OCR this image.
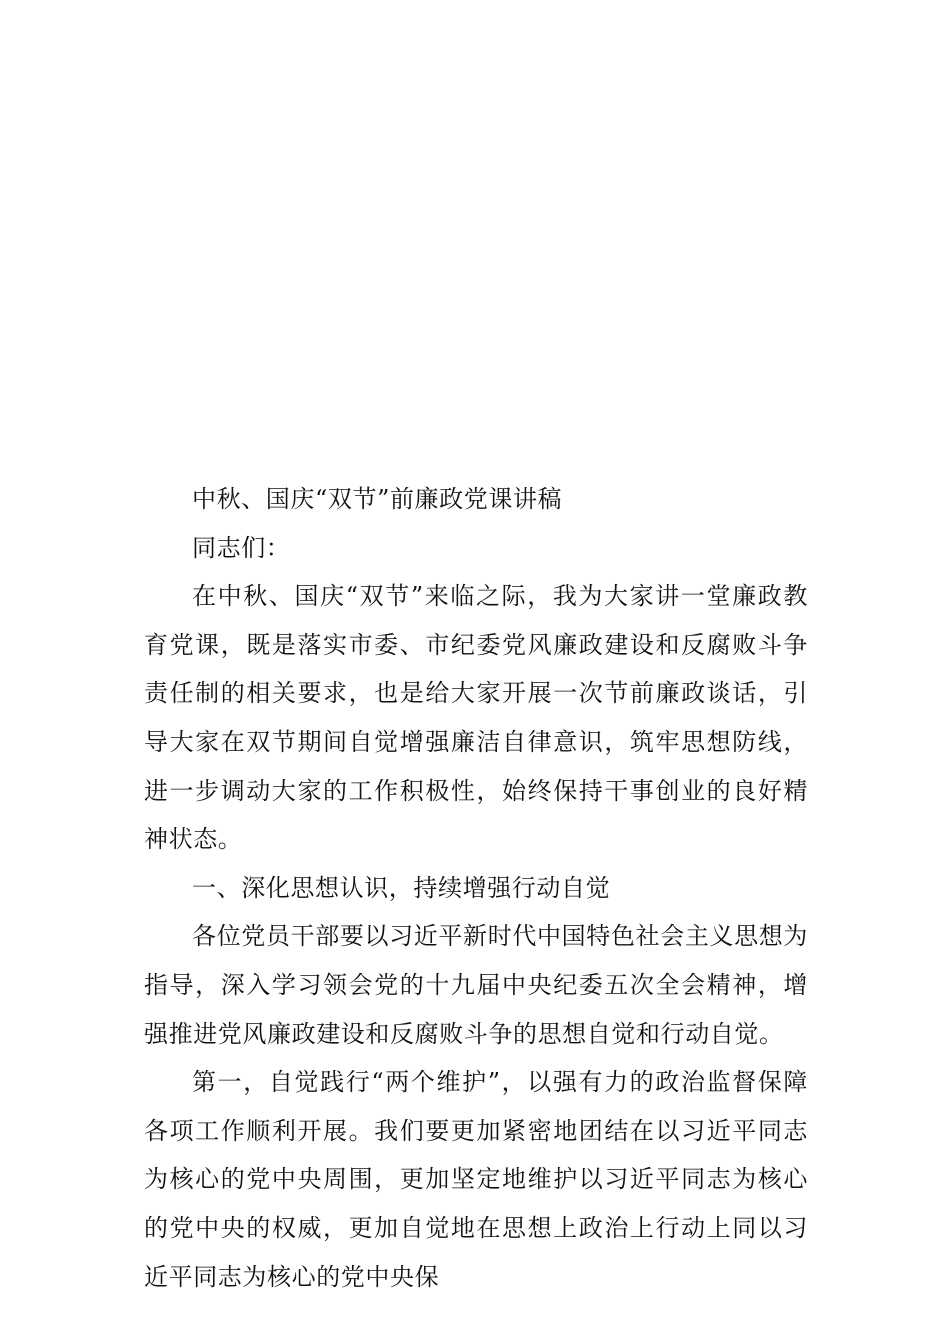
中秋、国庆“双节”前廉政党课讲稿

同志们：

在中秋、国庆“双节”来临之际，我为大家讲一堂廉政教育党课，既是落实市委、市纪委党风廉政建设和反腐败斗争责任制的相关要求，也是给大家开展一次节前廉政谈话，引导大家在双节期间自觉增强廉洁自律意识，筑牢思想防线，进一步调动大家的工作积极性，始终保持干事创业的良好精神状态。

一、深化思想认识，持续增强行动自觉

各位党员干部要以习近平新时代中国特色社会主义思想为指导，深入学习领会党的十九届中央纪委五次全会精神，增强推进党风廉政建设和反腐败斗争的思想自觉和行动自觉。

第一，自觉践行“两个维护”，以强有力的政治监督保障各项工作顺利开展。我们要更加紧密地团结在以习近平同志为核心的党中央周围，更加坚定地维护以习近平同志为核心的党中央的权威，更加自觉地在思想上政治上行动上同以习近平同志为核心的党中央保
